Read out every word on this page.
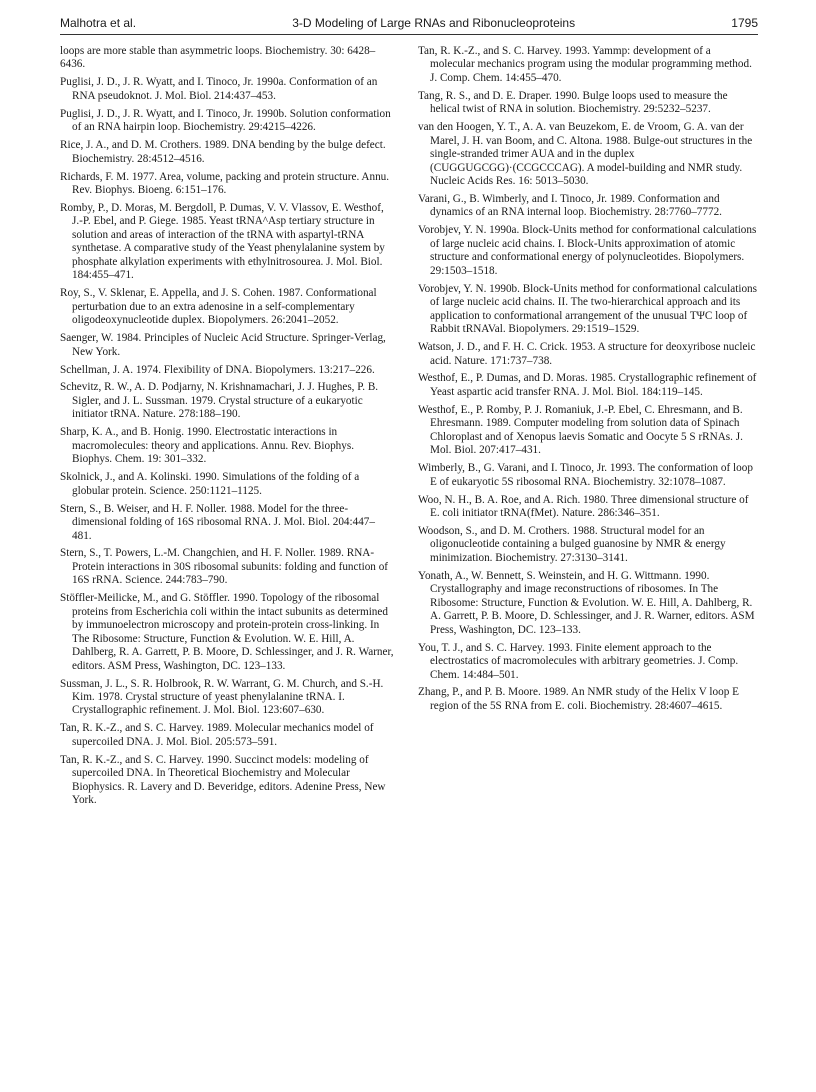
Malhotra et al.	3-D Modeling of Large RNAs and Ribonucleoproteins	1795

loops are more stable than asymmetric loops. Biochemistry. 30: 6428–6436.

Puglisi, J. D., J. R. Wyatt, and I. Tinoco, Jr. 1990a. Conformation of an RNA pseudoknot. J. Mol. Biol. 214:437–453.

Puglisi, J. D., J. R. Wyatt, and I. Tinoco, Jr. 1990b. Solution conformation of an RNA hairpin loop. Biochemistry. 29:4215–4226.

Rice, J. A., and D. M. Crothers. 1989. DNA bending by the bulge defect. Biochemistry. 28:4512–4516.

Richards, F. M. 1977. Area, volume, packing and protein structure. Annu. Rev. Biophys. Bioeng. 6:151–176.

Romby, P., D. Moras, M. Bergdoll, P. Dumas, V. V. Vlassov, E. Westhof, J.-P. Ebel, and P. Giege. 1985. Yeast tRNA^Asp tertiary structure in solution and areas of interaction of the tRNA with aspartyl-tRNA synthetase. A comparative study of the Yeast phenylalanine system by phosphate alkylation experiments with ethylnitrosourea. J. Mol. Biol. 184:455–471.

Roy, S., V. Sklenar, E. Appella, and J. S. Cohen. 1987. Conformational perturbation due to an extra adenosine in a self-complementary oligodeoxynucleotide duplex. Biopolymers. 26:2041–2052.

Saenger, W. 1984. Principles of Nucleic Acid Structure. Springer-Verlag, New York.

Schellman, J. A. 1974. Flexibility of DNA. Biopolymers. 13:217–226.

Schevitz, R. W., A. D. Podjarny, N. Krishnamachari, J. J. Hughes, P. B. Sigler, and J. L. Sussman. 1979. Crystal structure of a eukaryotic initiator tRNA. Nature. 278:188–190.

Sharp, K. A., and B. Honig. 1990. Electrostatic interactions in macromolecules: theory and applications. Annu. Rev. Biophys. Biophys. Chem. 19: 301–332.

Skolnick, J., and A. Kolinski. 1990. Simulations of the folding of a globular protein. Science. 250:1121–1125.

Stern, S., B. Weiser, and H. F. Noller. 1988. Model for the three-dimensional folding of 16S ribosomal RNA. J. Mol. Biol. 204:447–481.

Stern, S., T. Powers, L.-M. Changchien, and H. F. Noller. 1989. RNA-Protein interactions in 30S ribosomal subunits: folding and function of 16S rRNA. Science. 244:783–790.

Stöffler-Meilicke, M., and G. Stöffler. 1990. Topology of the ribosomal proteins from Escherichia coli within the intact subunits as determined by immunoelectron microscopy and protein-protein cross-linking. In The Ribosome: Structure, Function & Evolution. W. E. Hill, A. Dahlberg, R. A. Garrett, P. B. Moore, D. Schlessinger, and J. R. Warner, editors. ASM Press, Washington, DC. 123–133.

Sussman, J. L., S. R. Holbrook, R. W. Warrant, G. M. Church, and S.-H. Kim. 1978. Crystal structure of yeast phenylalanine tRNA. I. Crystallographic refinement. J. Mol. Biol. 123:607–630.

Tan, R. K.-Z., and S. C. Harvey. 1989. Molecular mechanics model of supercoiled DNA. J. Mol. Biol. 205:573–591.

Tan, R. K.-Z., and S. C. Harvey. 1990. Succinct models: modeling of supercoiled DNA. In Theoretical Biochemistry and Molecular Biophysics. R. Lavery and D. Beveridge, editors. Adenine Press, New York.

Tan, R. K.-Z., and S. C. Harvey. 1993. Yammp: development of a molecular mechanics program using the modular programming method. J. Comp. Chem. 14:455–470.

Tang, R. S., and D. E. Draper. 1990. Bulge loops used to measure the helical twist of RNA in solution. Biochemistry. 29:5232–5237.

van den Hoogen, Y. T., A. A. van Beuzekom, E. de Vroom, G. A. van der Marel, J. H. van Boom, and C. Altona. 1988. Bulge-out structures in the single-stranded trimer AUA and in the duplex (CUGGUGCGG)·(CCGCCCAG). A model-building and NMR study. Nucleic Acids Res. 16: 5013–5030.

Varani, G., B. Wimberly, and I. Tinoco, Jr. 1989. Conformation and dynamics of an RNA internal loop. Biochemistry. 28:7760–7772.

Vorobjev, Y. N. 1990a. Block-Units method for conformational calculations of large nucleic acid chains. I. Block-Units approximation of atomic structure and conformational energy of polynucleotides. Biopolymers. 29:1503–1518.

Vorobjev, Y. N. 1990b. Block-Units method for conformational calculations of large nucleic acid chains. II. The two-hierarchical approach and its application to conformational arrangement of the unusual TΨC loop of Rabbit tRNAVal. Biopolymers. 29:1519–1529.

Watson, J. D., and F. H. C. Crick. 1953. A structure for deoxyribose nucleic acid. Nature. 171:737–738.

Westhof, E., P. Dumas, and D. Moras. 1985. Crystallographic refinement of Yeast aspartic acid transfer RNA. J. Mol. Biol. 184:119–145.

Westhof, E., P. Romby, P. J. Romaniuk, J.-P. Ebel, C. Ehresmann, and B. Ehresmann. 1989. Computer modeling from solution data of Spinach Chloroplast and of Xenopus laevis Somatic and Oocyte 5 S rRNAs. J. Mol. Biol. 207:417–431.

Wimberly, B., G. Varani, and I. Tinoco, Jr. 1993. The conformation of loop E of eukaryotic 5S ribosomal RNA. Biochemistry. 32:1078–1087.

Woo, N. H., B. A. Roe, and A. Rich. 1980. Three dimensional structure of E. coli initiator tRNA(fMet). Nature. 286:346–351.

Woodson, S., and D. M. Crothers. 1988. Structural model for an oligonucleotide containing a bulged guanosine by NMR & energy minimization. Biochemistry. 27:3130–3141.

Yonath, A., W. Bennett, S. Weinstein, and H. G. Wittmann. 1990. Crystallography and image reconstructions of ribosomes. In The Ribosome: Structure, Function & Evolution. W. E. Hill, A. Dahlberg, R. A. Garrett, P. B. Moore, D. Schlessinger, and J. R. Warner, editors. ASM Press, Washington, DC. 123–133.

You, T. J., and S. C. Harvey. 1993. Finite element approach to the electrostatics of macromolecules with arbitrary geometries. J. Comp. Chem. 14:484–501.

Zhang, P., and P. B. Moore. 1989. An NMR study of the Helix V loop E region of the 5S RNA from E. coli. Biochemistry. 28:4607–4615.
